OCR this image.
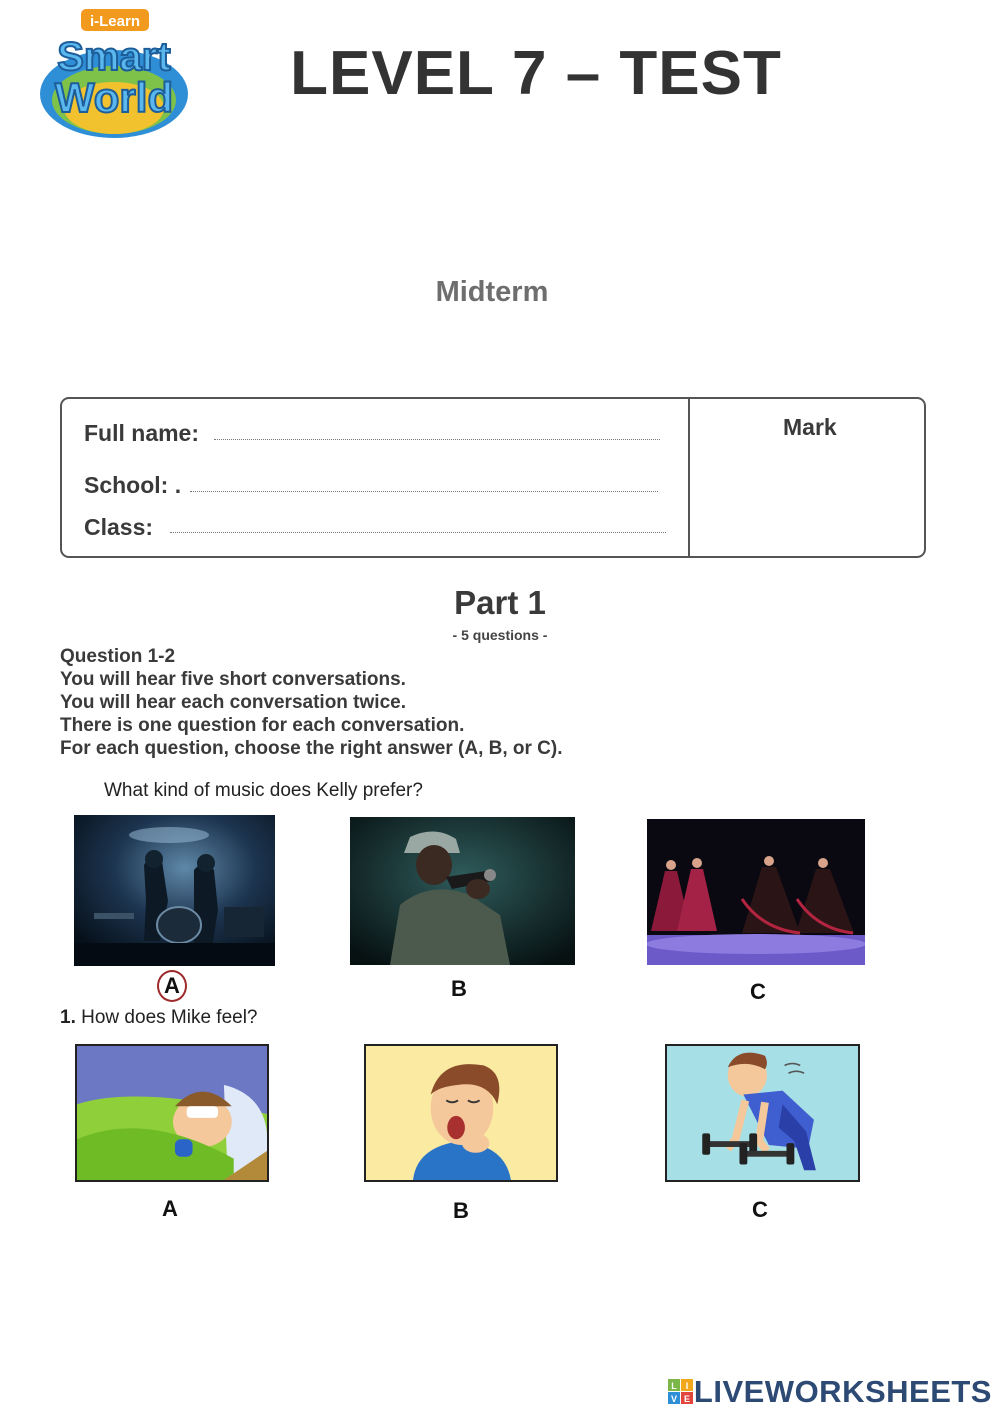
i-Learn
Smart
World	LEVEL 7 – TEST
Midterm
Full name:
School: .
Class:
Mark
Part 1
- 5 questions -
Question 1-2
You will hear five short conversations.
You will hear each conversation twice.
There is one question for each conversation.
For each question, choose the right answer (A, B, or C).
What kind of music does Kelly prefer?
A	B	C
1. How does Mike feel?
A	B	C
L I
V E LIVEWORKSHEETS
